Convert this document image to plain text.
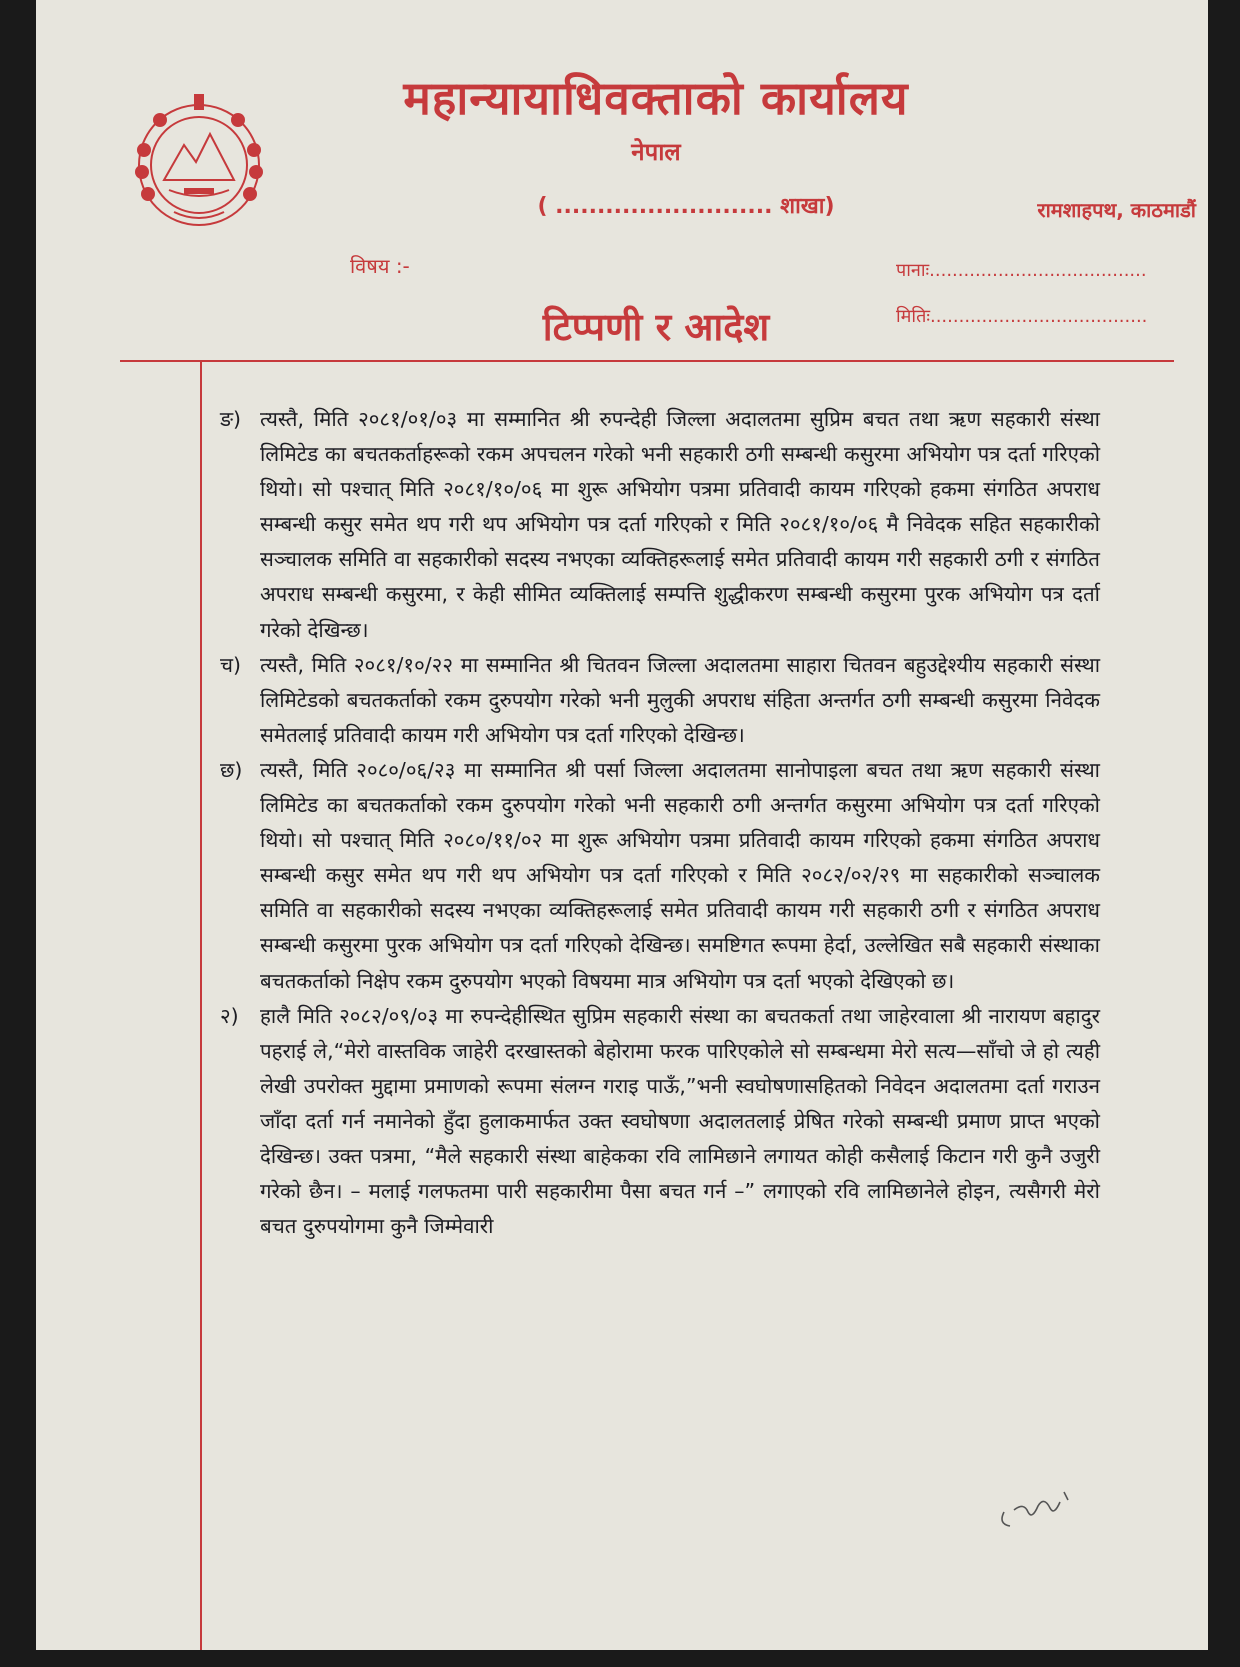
महान्यायाधिवक्ताको कार्यालय
नेपाल
( .......................... शाखा)	रामशाहपथ, काठमाडौं
विषय :-	पानाः......................................
टिप्पणी र आदेश	मितिः......................................
ङ) त्यस्तै, मिति २०८१/०१/०३ मा सम्मानित श्री रुपन्देही जिल्ला अदालतमा सुप्रिम बचत तथा ऋण सहकारी संस्था लिमिटेड का बचतकर्ताहरूको रकम अपचलन गरेको भनी सहकारी ठगी सम्बन्धी कसुरमा अभियोग पत्र दर्ता गरिएको थियो। सो पश्चात् मिति २०८१/१०/०६ मा शुरू अभियोग पत्रमा प्रतिवादी कायम गरिएको हकमा संगठित अपराध सम्बन्धी कसुर समेत थप गरी थप अभियोग पत्र दर्ता गरिएको र मिति २०८१/१०/०६ मै निवेदक सहित सहकारीको सञ्चालक समिति वा सहकारीको सदस्य नभएका व्यक्तिहरूलाई समेत प्रतिवादी कायम गरी सहकारी ठगी र संगठित अपराध सम्बन्धी कसुरमा, र केही सीमित व्यक्तिलाई सम्पत्ति शुद्धीकरण सम्बन्धी कसुरमा पुरक अभियोग पत्र दर्ता गरेको देखिन्छ।
च) त्यस्तै, मिति २०८१/१०/२२ मा सम्मानित श्री चितवन जिल्ला अदालतमा साहारा चितवन बहुउद्देश्यीय सहकारी संस्था लिमिटेडको बचतकर्ताको रकम दुरुपयोग गरेको भनी मुलुकी अपराध संहिता अन्तर्गत ठगी सम्बन्धी कसुरमा निवेदक समेतलाई प्रतिवादी कायम गरी अभियोग पत्र दर्ता गरिएको देखिन्छ।
छ) त्यस्तै, मिति २०८०/०६/२३ मा सम्मानित श्री पर्सा जिल्ला अदालतमा सानोपाइला बचत तथा ऋण सहकारी संस्था लिमिटेड का बचतकर्ताको रकम दुरुपयोग गरेको भनी सहकारी ठगी अन्तर्गत कसुरमा अभियोग पत्र दर्ता गरिएको थियो। सो पश्चात् मिति २०८०/११/०२ मा शुरू अभियोग पत्रमा प्रतिवादी कायम गरिएको हकमा संगठित अपराध सम्बन्धी कसुर समेत थप गरी थप अभियोग पत्र दर्ता गरिएको र मिति २०८२/०२/२९ मा सहकारीको सञ्चालक समिति वा सहकारीको सदस्य नभएका व्यक्तिहरूलाई समेत प्रतिवादी कायम गरी सहकारी ठगी र संगठित अपराध सम्बन्धी कसुरमा पुरक अभियोग पत्र दर्ता गरिएको देखिन्छ। समष्टिगत रूपमा हेर्दा, उल्लेखित सबै सहकारी संस्थाका बचतकर्ताको निक्षेप रकम दुरुपयोग भएको विषयमा मात्र अभियोग पत्र दर्ता भएको देखिएको छ।
२) हालै मिति २०८२/०९/०३ मा रुपन्देहीस्थित सुप्रिम सहकारी संस्था का बचतकर्ता तथा जाहेरवाला श्री नारायण बहादुर पहराई ले,“मेरो वास्तविक जाहेरी दरखास्तको बेहोरामा फरक पारिएकोले सो सम्बन्धमा मेरो सत्य—साँचो जे हो त्यही लेखी उपरोक्त मुद्दामा प्रमाणको रूपमा संलग्न गराइ पाऊँ,”भनी स्वघोषणासहितको निवेदन अदालतमा दर्ता गराउन जाँदा दर्ता गर्न नमानेको हुँदा हुलाकमार्फत उक्त स्वघोषणा अदालतलाई प्रेषित गरेको सम्बन्धी प्रमाण प्राप्त भएको देखिन्छ। उक्त पत्रमा, “मैले सहकारी संस्था बाहेकका रवि लामिछाने लगायत कोही कसैलाई किटान गरी कुनै उजुरी गरेको छैन। – मलाई गलफतमा पारी सहकारीमा पैसा बचत गर्न –” लगाएको रवि लामिछानेले होइन, त्यसैगरी मेरो बचत दुरुपयोगमा कुनै जिम्मेवारी
